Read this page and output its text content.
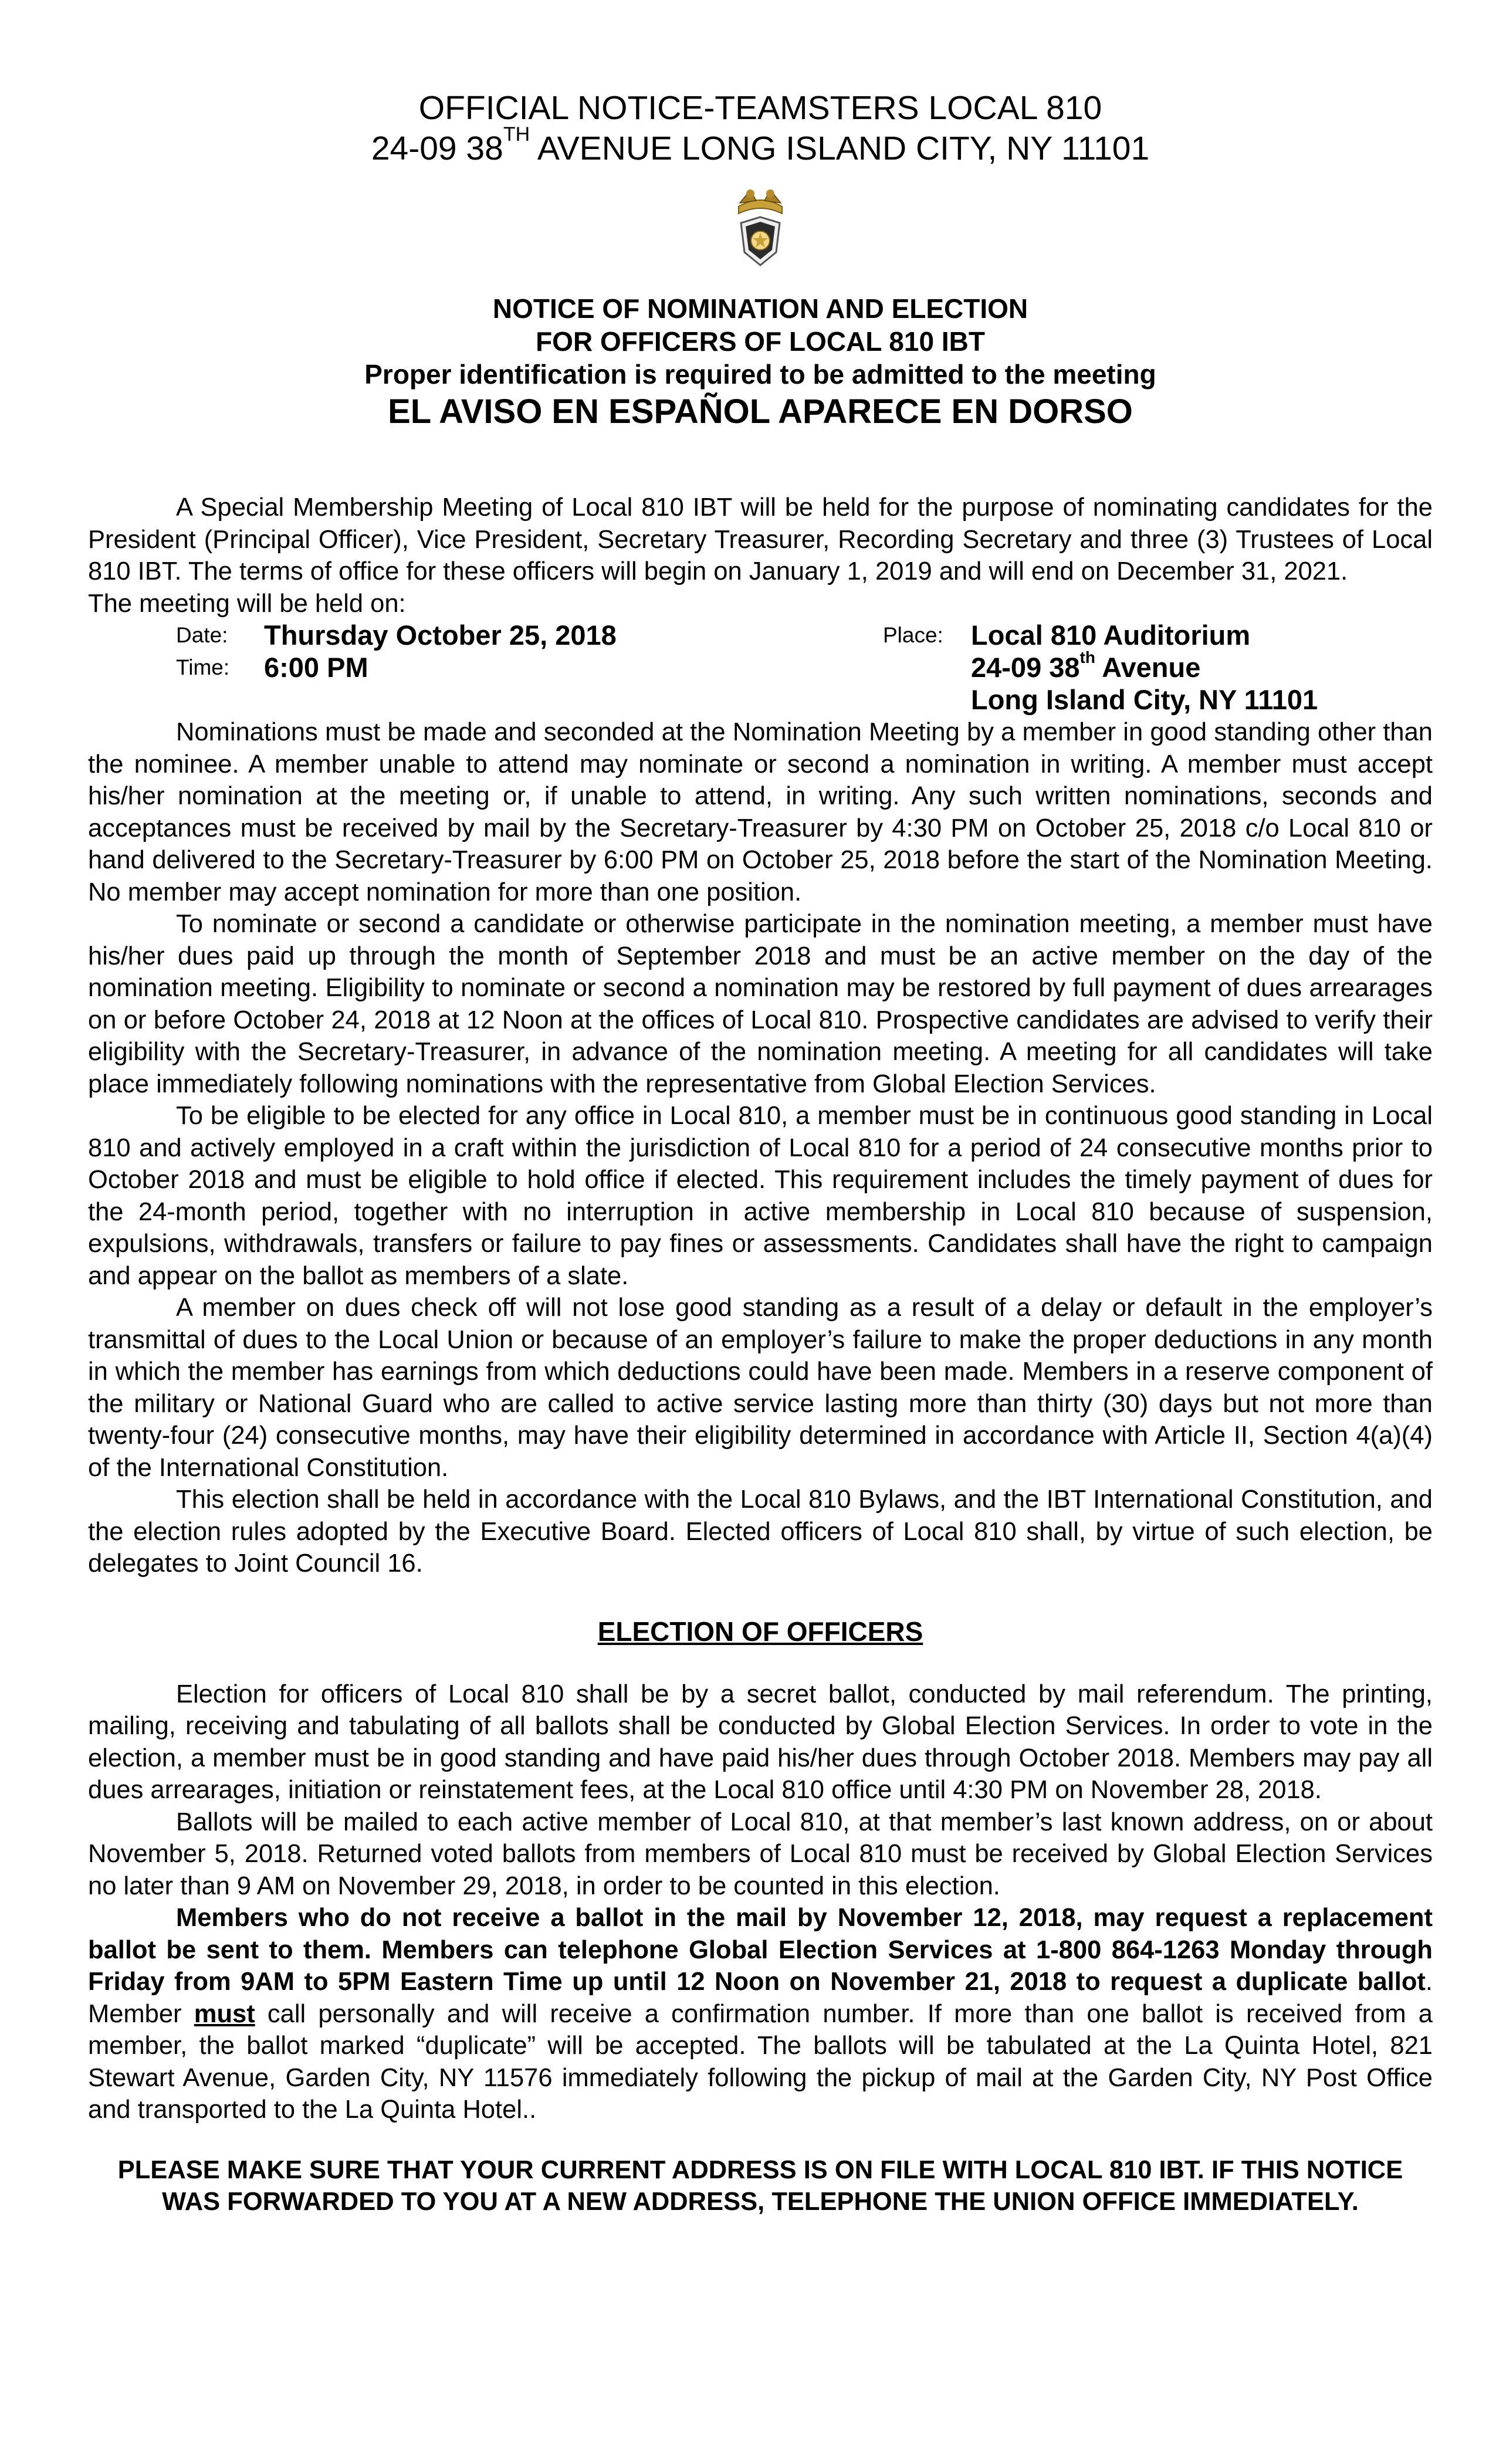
OFFICIAL NOTICE-TEAMSTERS LOCAL 810
24-09 38TH AVENUE LONG ISLAND CITY, NY 11101
NOTICE OF NOMINATION AND ELECTION
FOR OFFICERS OF LOCAL 810 IBT
Proper identification is required to be admitted to the meeting
EL AVISO EN ESPAÑOL APARECE EN DORSO

A Special Membership Meeting of Local 810 IBT will be held for the purpose of nominating candidates for the President (Principal Officer), Vice President, Secretary Treasurer, Recording Secretary and three (3) Trustees of Local 810 IBT. The terms of office for these officers will begin on January 1, 2019 and will end on December 31, 2021.

The meeting will be held on:

Date: Thursday October 25, 2018
Time: 6:00 PM
Place: Local 810 Auditorium
24-09 38th Avenue
Long Island City, NY 11101

Nominations must be made and seconded at the Nomination Meeting by a member in good standing other than the nominee. A member unable to attend may nominate or second a nomination in writing. A member must accept his/her nomination at the meeting or, if unable to attend, in writing. Any such written nominations, seconds and acceptances must be received by mail by the Secretary-Treasurer by 4:30 PM on October 25, 2018 c/o Local 810 or hand delivered to the Secretary-Treasurer by 6:00 PM on October 25, 2018 before the start of the Nomination Meeting. No member may accept nomination for more than one position.

To nominate or second a candidate or otherwise participate in the nomination meeting, a member must have his/her dues paid up through the month of September 2018 and must be an active member on the day of the nomination meeting. Eligibility to nominate or second a nomination may be restored by full payment of dues arrearages on or before October 24, 2018 at 12 Noon at the offices of Local 810. Prospective candidates are advised to verify their eligibility with the Secretary-Treasurer, in advance of the nomination meeting. A meeting for all candidates will take place immediately following nominations with the representative from Global Election Services.

To be eligible to be elected for any office in Local 810, a member must be in continuous good standing in Local 810 and actively employed in a craft within the jurisdiction of Local 810 for a period of 24 consecutive months prior to October 2018 and must be eligible to hold office if elected. This requirement includes the timely payment of dues for the 24-month period, together with no interruption in active membership in Local 810 because of suspension, expulsions, withdrawals, transfers or failure to pay fines or assessments. Candidates shall have the right to campaign and appear on the ballot as members of a slate.

A member on dues check off will not lose good standing as a result of a delay or default in the employer’s transmittal of dues to the Local Union or because of an employer’s failure to make the proper deductions in any month in which the member has earnings from which deductions could have been made. Members in a reserve component of the military or National Guard who are called to active service lasting more than thirty (30) days but not more than twenty-four (24) consecutive months, may have their eligibility determined in accordance with Article II, Section 4(a)(4) of the International Constitution.

This election shall be held in accordance with the Local 810 Bylaws, and the IBT International Constitution, and the election rules adopted by the Executive Board. Elected officers of Local 810 shall, by virtue of such election, be delegates to Joint Council 16.

ELECTION OF OFFICERS

Election for officers of Local 810 shall be by a secret ballot, conducted by mail referendum. The printing, mailing, receiving and tabulating of all ballots shall be conducted by Global Election Services. In order to vote in the election, a member must be in good standing and have paid his/her dues through October 2018. Members may pay all dues arrearages, initiation or reinstatement fees, at the Local 810 office until 4:30 PM on November 28, 2018.

Ballots will be mailed to each active member of Local 810, at that member’s last known address, on or about November 5, 2018. Returned voted ballots from members of Local 810 must be received by Global Election Services no later than 9 AM on November 29, 2018, in order to be counted in this election.

Members who do not receive a ballot in the mail by November 12, 2018, may request a replacement ballot be sent to them. Members can telephone Global Election Services at 1-800 864-1263 Monday through Friday from 9AM to 5PM Eastern Time up until 12 Noon on November 21, 2018 to request a duplicate ballot. Member must call personally and will receive a confirmation number. If more than one ballot is received from a member, the ballot marked “duplicate” will be accepted. The ballots will be tabulated at the La Quinta Hotel, 821 Stewart Avenue, Garden City, NY 11576 immediately following the pickup of mail at the Garden City, NY Post Office and transported to the La Quinta Hotel..

PLEASE MAKE SURE THAT YOUR CURRENT ADDRESS IS ON FILE WITH LOCAL 810 IBT. IF THIS NOTICE WAS FORWARDED TO YOU AT A NEW ADDRESS, TELEPHONE THE UNION OFFICE IMMEDIATELY.
